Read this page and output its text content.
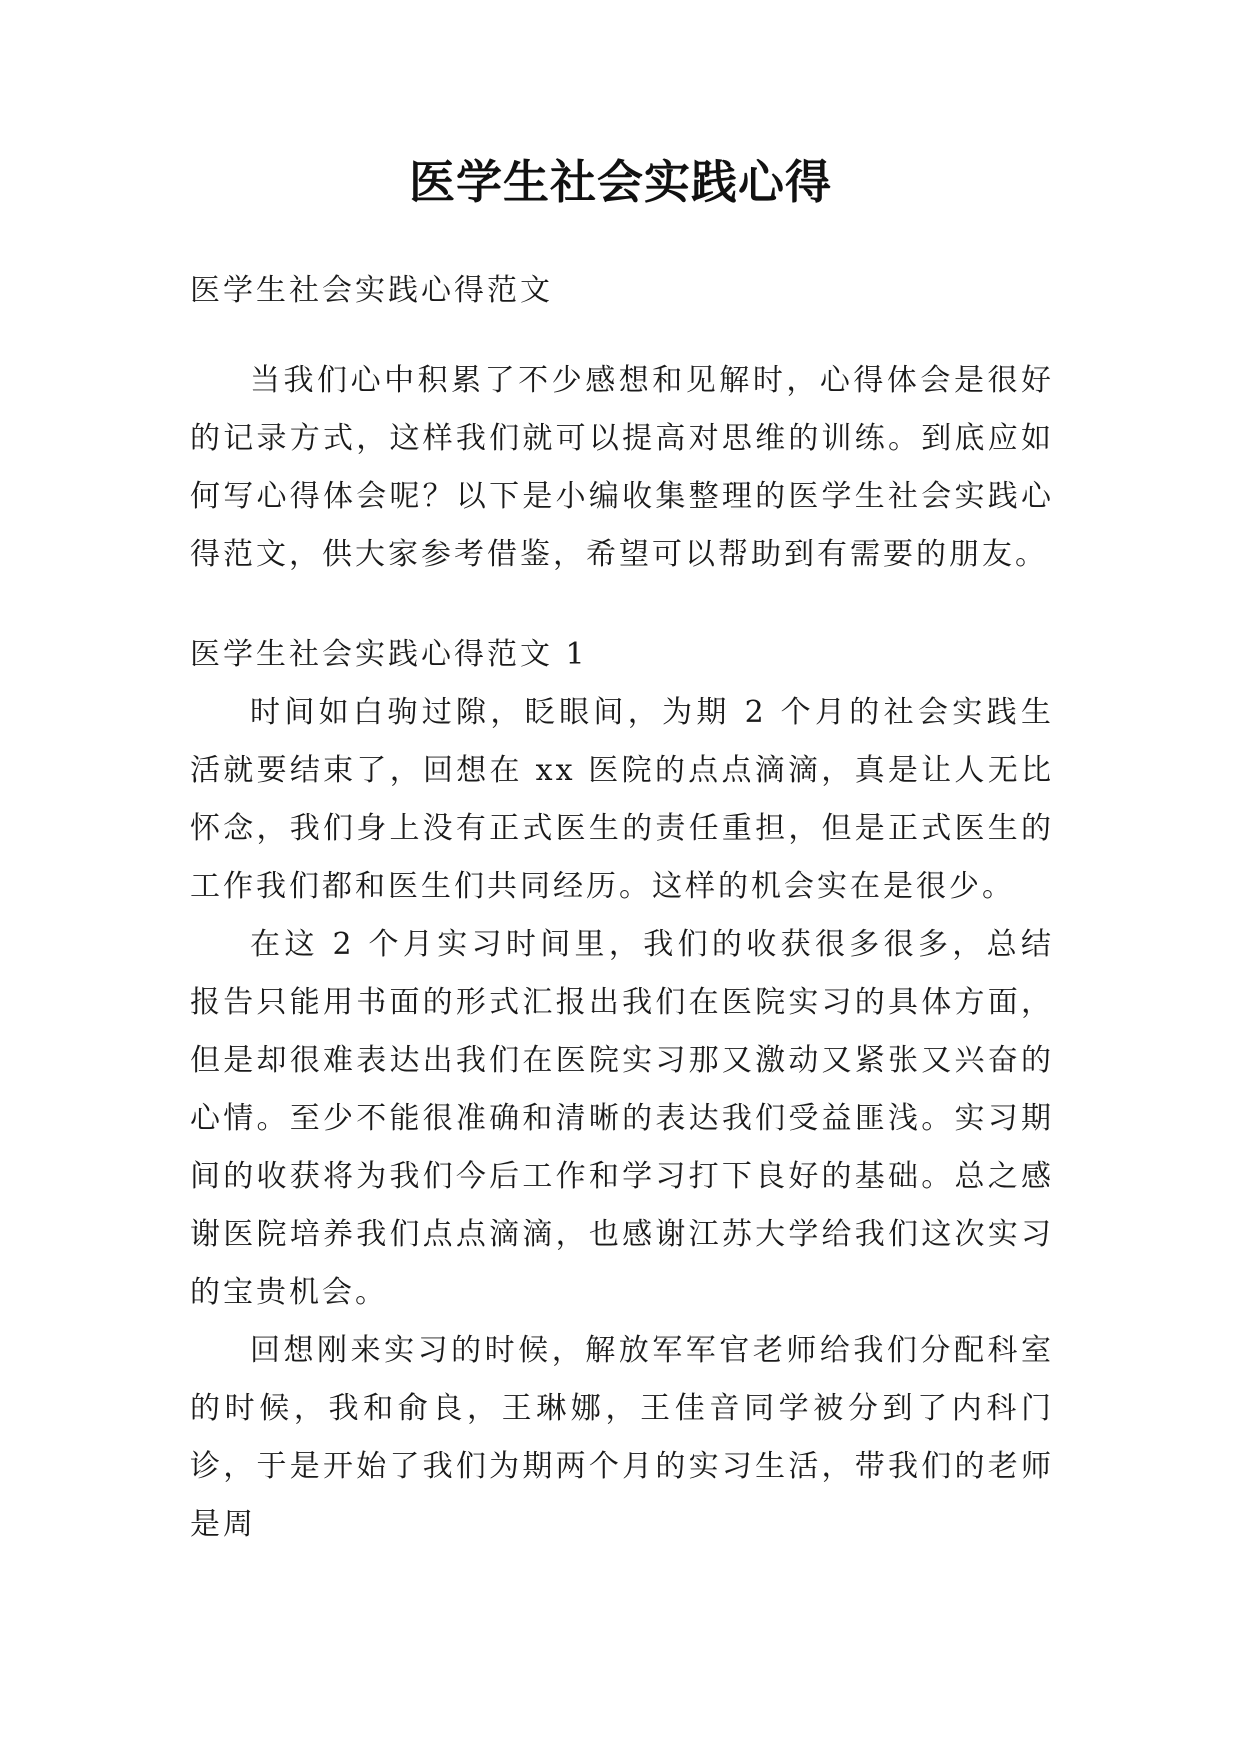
医学生社会实践心得

医学生社会实践心得范文

当我们心中积累了不少感想和见解时，心得体会是很好的记录方式，这样我们就可以提高对思维的训练。到底应如何写心得体会呢？以下是小编收集整理的医学生社会实践心得范文，供大家参考借鉴，希望可以帮助到有需要的朋友。

医学生社会实践心得范文 1

时间如白驹过隙，眨眼间，为期 2 个月的社会实践生活就要结束了，回想在 xx 医院的点点滴滴，真是让人无比怀念，我们身上没有正式医生的责任重担，但是正式医生的工作我们都和医生们共同经历。这样的机会实在是很少。

在这 2 个月实习时间里，我们的收获很多很多，总结报告只能用书面的形式汇报出我们在医院实习的具体方面，但是却很难表达出我们在医院实习那又激动又紧张又兴奋的心情。至少不能很准确和清晰的表达我们受益匪浅。实习期间的收获将为我们今后工作和学习打下良好的基础。总之感谢医院培养我们点点滴滴，也感谢江苏大学给我们这次实习的宝贵机会。

回想刚来实习的时候，解放军军官老师给我们分配科室的时候，我和俞良，王琳娜，王佳音同学被分到了内科门诊，于是开始了我们为期两个月的实习生活，带我们的老师是周
